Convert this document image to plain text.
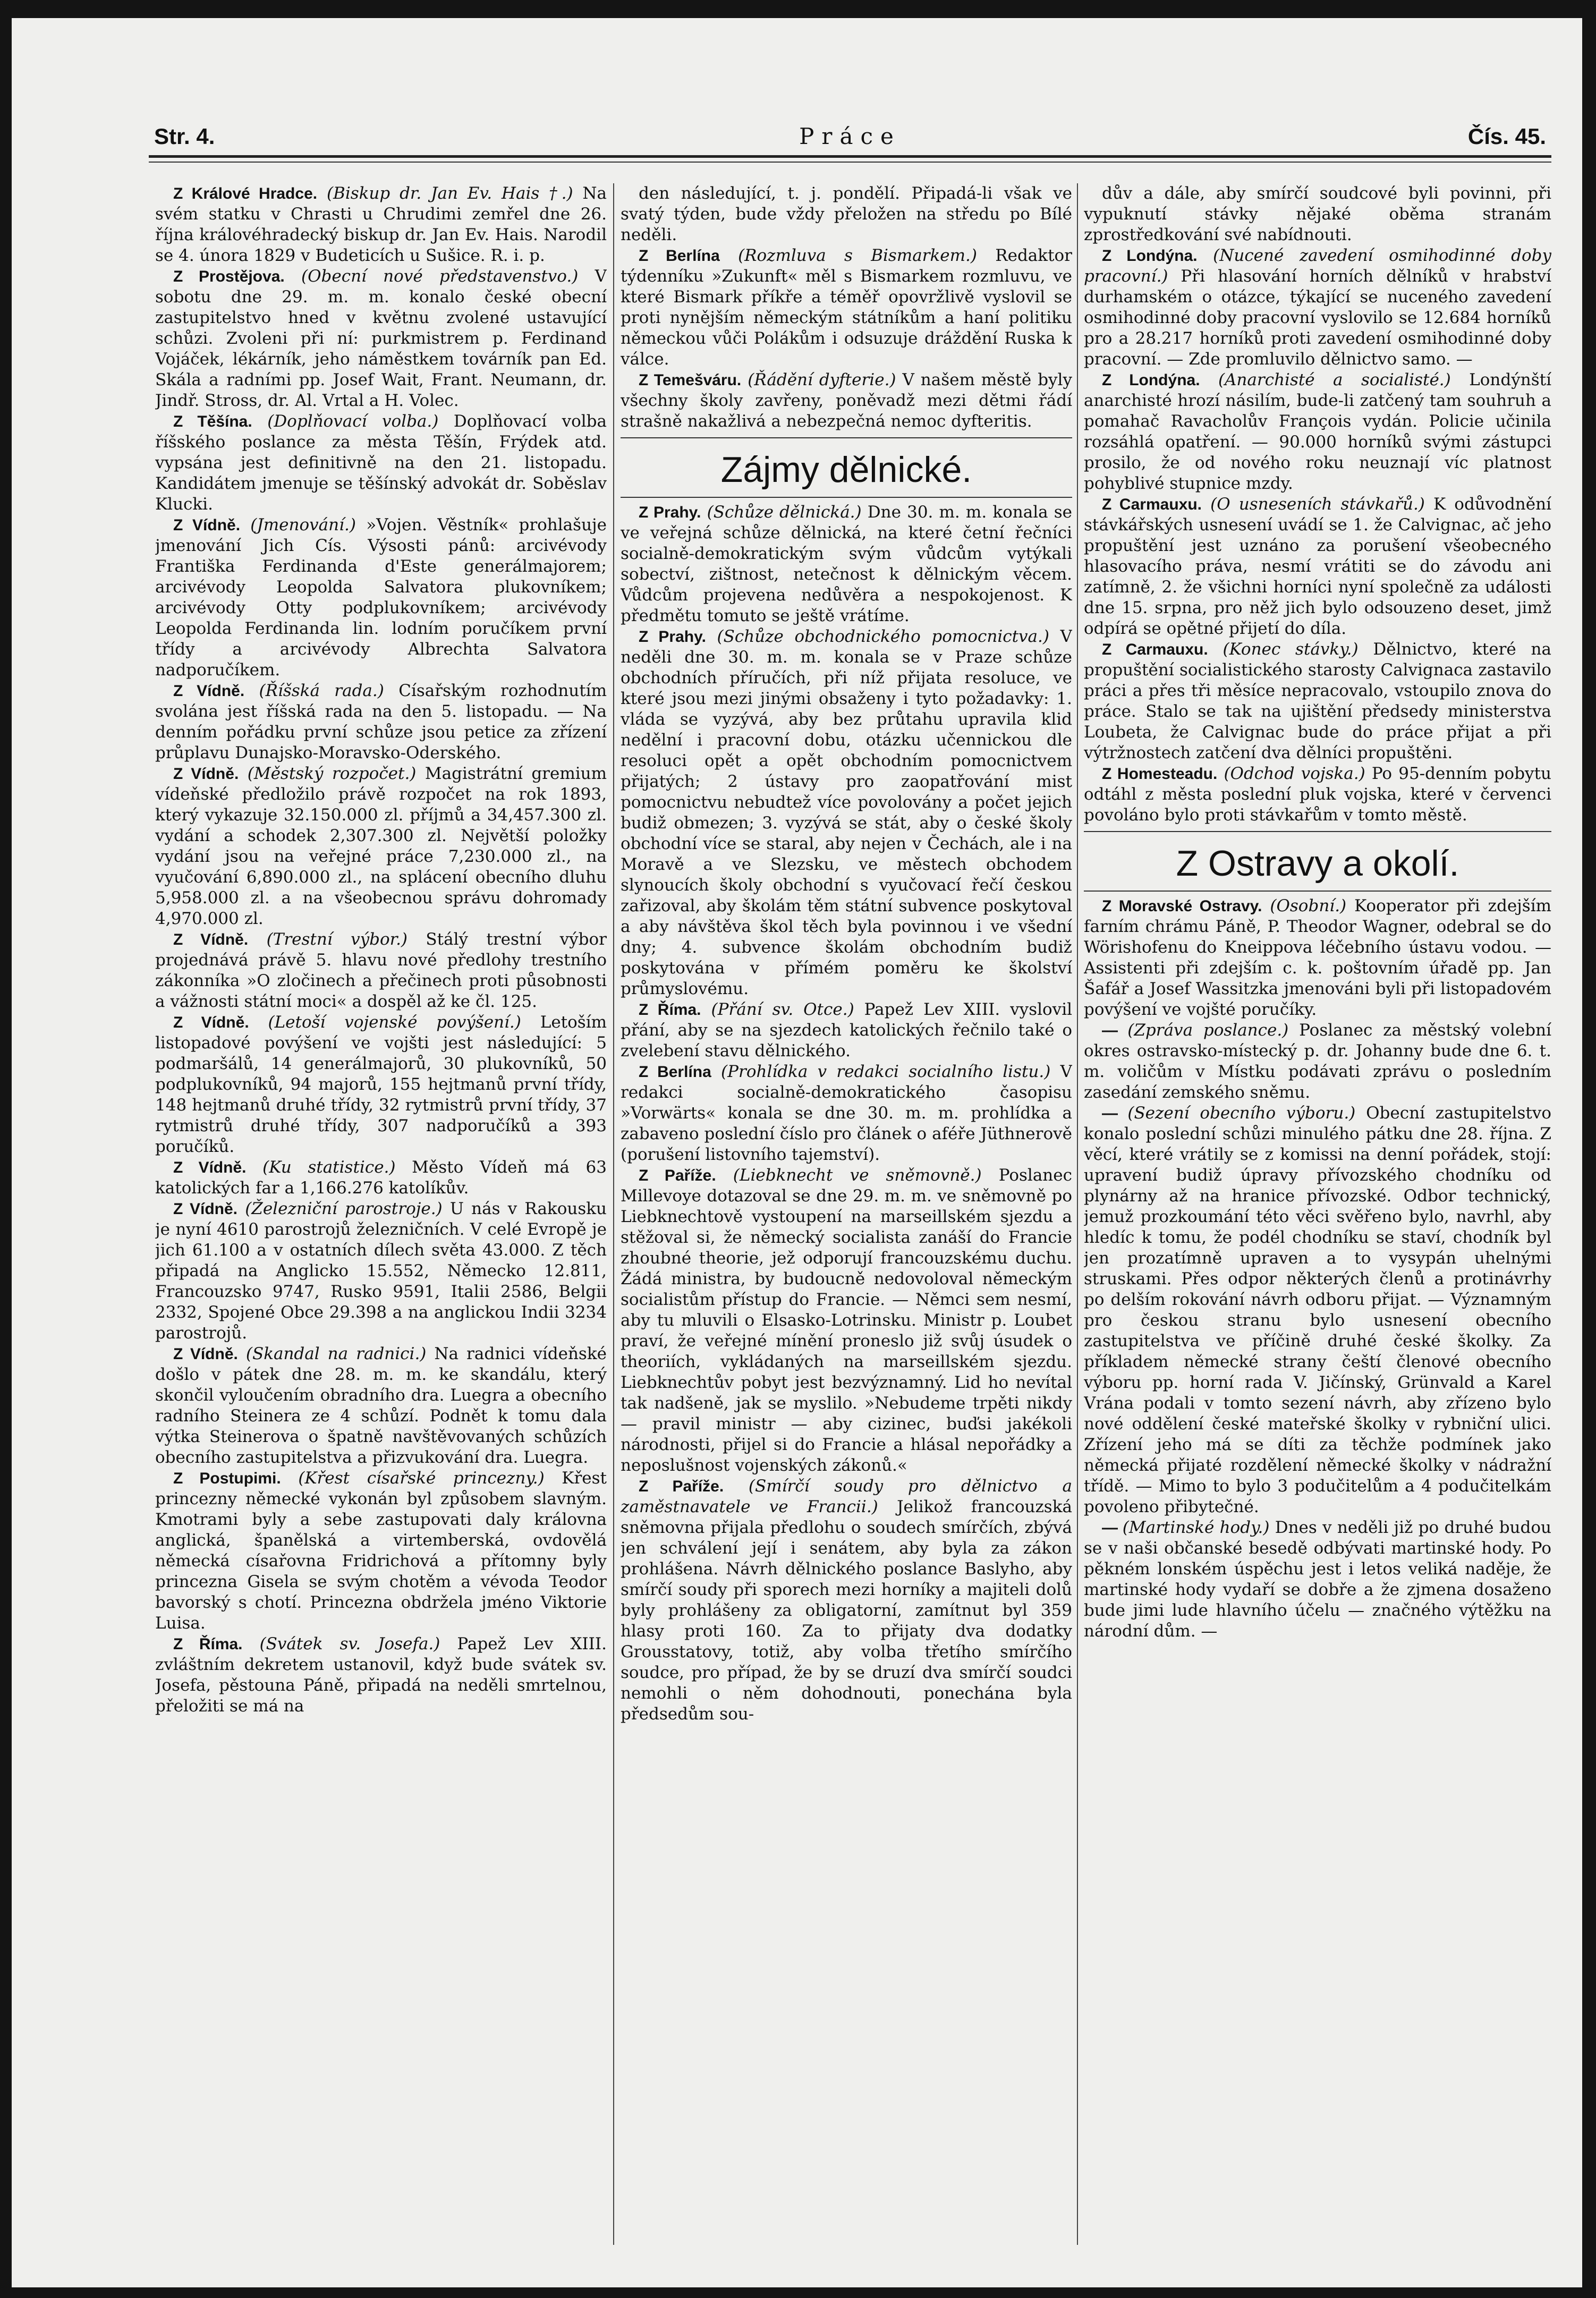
Str. 4.	Práce	Čís. 45.

Z Králové Hradce. (Biskup dr. Jan Ev. Hais †.) Na svém statku v Chrasti u Chrudimi zemřel dne 26. října královéhradecký biskup dr. Jan Ev. Hais. Narodil se 4. února 1829 v Budeticích u Sušice. R. i. p.

Z Prostějova. (Obecní nové představenstvo.) V sobotu dne 29. m. m. konalo české obecní zastupitelstvo hned v květnu zvolené ustavující schůzi. Zvoleni při ní: purkmistrem p. Ferdinand Vojáček, lékárník, jeho náměstkem továrník pan Ed. Skála a radními pp. Josef Wait, Frant. Neumann, dr. Jindř. Stross, dr. Al. Vrtal a H. Volec.

Z Těšína. (Doplňovací volba.) Doplňovací volba říšského poslance za města Těšín, Frýdek atd. vypsána jest definitivně na den 21. listopadu. Kandidátem jmenuje se těšínský advokát dr. Soběslav Klucki.

Z Vídně. (Jmenování.) »Vojen. Věstník« prohlašuje jmenování Jich Cís. Výsosti pánů: arcivévody Františka Ferdinanda d'Este generálmajorem; arcivévody Leopolda Salvatora plukovníkem; arcivévody Otty podplukovníkem; arcivévody Leopolda Ferdinanda lin. lodním poručíkem první třídy a arcivévody Albrechta Salvatora nadporučíkem.

Z Vídně. (Říšská rada.) Císařským rozhodnutím svolána jest říšská rada na den 5. listopadu. — Na denním pořádku první schůze jsou petice za zřízení průplavu Dunajsko-Moravsko-Oderského.

Z Vídně. (Městský rozpočet.) Magistrátní gremium vídeňské předložilo právě rozpočet na rok 1893, který vykazuje 32.150.000 zl. příjmů a 34,457.300 zl. vydání a schodek 2,307.300 zl. Největší položky vydání jsou na veřejné práce 7,230.000 zl., na vyučování 6,890.000 zl., na splácení obecního dluhu 5,958.000 zl. a na všeobecnou správu dohromady 4,970.000 zl.

Z Vídně. (Trestní výbor.) Stálý trestní výbor projednává právě 5. hlavu nové předlohy trestního zákonníka »O zločinech a přečinech proti působnosti a vážnosti státní moci« a dospěl až ke čl. 125.

Z Vídně. (Letoší vojenské povýšení.) Letoším listopadové povýšení ve vojšti jest následující: 5 podmaršálů, 14 generálmajorů, 30 plukovníků, 50 podplukovníků, 94 majorů, 155 hejtmanů první třídy, 148 hejtmanů druhé třídy, 32 rytmistrů první třídy, 37 rytmistrů druhé třídy, 307 nadporučíků a 393 poručíků.

Z Vídně. (Ku statistice.) Město Vídeň má 63 katolických far a 1,166.276 katolíkův.

Z Vídně. (Železniční parostroje.) U nás v Rakousku je nyní 4610 parostrojů železničních. V celé Evropě je jich 61.100 a v ostatních dílech světa 43.000. Z těch připadá na Anglicko 15.552, Německo 12.811, Francouzsko 9747, Rusko 9591, Italii 2586, Belgii 2332, Spojené Obce 29.398 a na anglickou Indii 3234 parostrojů.

Z Vídně. (Skandal na radnici.) Na radnici vídeňské došlo v pátek dne 28. m. m. ke skandálu, který skončil vyloučením obradního dra. Luegra a obecního radního Steinera ze 4 schůzí. Podnět k tomu dala výtka Steinerova o špatně navštěvovaných schůzích obecního zastupitelstva a přizvukování dra. Luegra.

Z Postupimi. (Křest císařské princezny.) Křest princezny německé vykonán byl způsobem slavným. Kmotrami byly a sebe zastupovati daly královna anglická, španělská a virtemberská, ovdovělá německá císařovna Fridrichová a přítomny byly princezna Gisela se svým chotěm a vévoda Teodor bavorský s chotí. Princezna obdržela jméno Viktorie Luisa.

Z Říma. (Svátek sv. Josefa.) Papež Lev XIII. zvláštním dekretem ustanovil, když bude svátek sv. Josefa, pěstouna Páně, připadá na neděli smrtelnou, přeložiti se má na

den následující, t. j. pondělí. Připadá-li však ve svatý týden, bude vždy přeložen na středu po Bílé neděli.

Z Berlína (Rozmluva s Bismarkem.) Redaktor týdenníku »Zukunft« měl s Bismarkem rozmluvu, ve které Bismark příkře a téměř opovržlivě vyslovil se proti nynějším německým státníkům a haní politiku německou vůči Polákům i odsuzuje dráždění Ruska k válce.

Z Temešváru. (Řádění dyfterie.) V našem městě byly všechny školy zavřeny, poněvadž mezi dětmi řádí strašně nakažlivá a nebezpečná nemoc dyfteritis.

Zájmy dělnické.

Z Prahy. (Schůze dělnická.) Dne 30. m. m. konala se ve veřejná schůze dělnická, na které četní řečníci socialně-demokratickým svým vůdcům vytýkali sobectví, zištnost, netečnost k dělnickým věcem. Vůdcům projevena nedůvěra a nespokojenost. K předmětu tomuto se ještě vrátíme.

Z Prahy. (Schůze obchodnického pomocnictva.) V neděli dne 30. m. m. konala se v Praze schůze obchodních příručích, při níž přijata resoluce, ve které jsou mezi jinými obsaženy i tyto požadavky: 1. vláda se vyzývá, aby bez průtahu upravila klid nedělní i pracovní dobu, otázku učennickou dle resoluci opět a opět obchodním pomocnictvem přijatých; 2 ústavy pro zaopatřování mist pomocnictvu nebudtež více povolovány a počet jejich budiž obmezen; 3. vyzývá se stát, aby o české školy obchodní více se staral, aby nejen v Čechách, ale i na Moravě a ve Slezsku, ve městech obchodem slynoucích školy obchodní s vyučovací řečí českou zařizoval, aby školám těm státní subvence poskytoval a aby návštěva škol těch byla povinnou i ve všední dny; 4. subvence školám obchodním budiž poskytována v přímém poměru ke školství průmyslovému.

Z Říma. (Přání sv. Otce.) Papež Lev XIII. vyslovil přání, aby se na sjezdech katolických řečnilo také o zvelebení stavu dělnického.

Z Berlína (Prohlídka v redakci socialního listu.) V redakci socialně-demokratického časopisu »Vorwärts« konala se dne 30. m. m. prohlídka a zabaveno poslední číslo pro článek o aféře Jüthnerově (porušení listovního tajemství).

Z Paříže. (Liebknecht ve sněmovně.) Poslanec Millevoye dotazoval se dne 29. m. m. ve sněmovně po Liebknechtově vystoupení na marseillském sjezdu a stěžoval si, že německý socialista zanáší do Francie zhoubné theorie, jež odporují francouzskému duchu. Žádá ministra, by budoucně nedovoloval německým socialistům přístup do Francie. — Němci sem nesmí, aby tu mluvili o Elsasko-Lotrinsku. Ministr p. Loubet praví, že veřejné mínění proneslo již svůj úsudek o theoriích, vykládaných na marseillském sjezdu. Liebknechtův pobyt jest bezvýznamný. Lid ho nevítal tak nadšeně, jak se myslilo. »Nebudeme trpěti nikdy — pravil ministr — aby cizinec, buďsi jakékoli národnosti, přijel si do Francie a hlásal nepořádky a neposlušnost vojenských zákonů.«

Z Paříže. (Smírčí soudy pro dělnictvo a zaměstnavatele ve Francii.) Jelikož francouzská sněmovna přijala předlohu o soudech smírčích, zbývá jen schválení její i senátem, aby byla za zákon prohlášena. Návrh dělnického poslance Baslyho, aby smírčí soudy při sporech mezi horníky a majiteli dolů byly prohlášeny za obligatorní, zamítnut byl 359 hlasy proti 160. Za to přijaty dva dodatky Grousstatovy, totiž, aby volba třetího smírčího soudce, pro případ, že by se druzí dva smírčí soudci nemohli o něm dohodnouti, ponechána byla předsedům sou-

dův a dále, aby smírčí soudcové byli povinni, při vypuknutí stávky nějaké oběma stranám zprostředkování své nabídnouti.

Z Londýna. (Nucené zavedení osmihodinné doby pracovní.) Při hlasování horních dělníků v hrabství durhamském o otázce, týkající se nuceného zavedení osmihodinné doby pracovní vyslovilo se 12.684 horníků pro a 28.217 horníků proti zavedení osmihodinné doby pracovní. — Zde promluvilo dělnictvo samo. —

Z Londýna. (Anarchisté a socialisté.) Londýnští anarchisté hrozí násilím, bude-li zatčený tam souhruh a pomahač Ravacholův François vydán. Policie učinila rozsáhlá opatření. — 90.000 horníků svými zástupci prosilo, že od nového roku neuznají víc platnost pohyblivé stupnice mzdy.

Z Carmauxu. (O usneseních stávkařů.) K odůvodnění stávkářských usnesení uvádí se 1. že Calvignac, ač jeho propuštění jest uznáno za porušení všeobecného hlasovacího práva, nesmí vrátiti se do závodu ani zatímně, 2. že všichni horníci nyní společně za události dne 15. srpna, pro něž jich bylo odsouzeno deset, jimž odpírá se opětné přijetí do díla.

Z Carmauxu. (Konec stávky.) Dělnictvo, které na propuštění socialistického starosty Calvignaca zastavilo práci a přes tři měsíce nepracovalo, vstoupilo znova do práce. Stalo se tak na ujištění předsedy ministerstva Loubeta, že Calvignac bude do práce přijat a při výtržnostech zatčení dva dělníci propuštěni.

Z Homesteadu. (Odchod vojska.) Po 95-denním pobytu odtáhl z města poslední pluk vojska, které v červenci povoláno bylo proti stávkařům v tomto městě.

Z Ostravy a okolí.

Z Moravské Ostravy. (Osobní.) Kooperator při zdejším farním chrámu Páně, P. Theodor Wagner, odebral se do Wörishofenu do Kneippova léčebního ústavu vodou. — Assistenti při zdejším c. k. poštovním úřadě pp. Jan Šafář a Josef Wassitzka jmenováni byli při listopadovém povýšení ve vojšté poručíky.

— (Zpráva poslance.) Poslanec za městský volební okres ostravsko-místecký p. dr. Johanny bude dne 6. t. m. voličům v Místku podávati zprávu o posledním zasedání zemského sněmu.

— (Sezení obecního výboru.) Obecní zastupitelstvo konalo poslední schůzi minulého pátku dne 28. října. Z věcí, které vrátily se z komissi na denní pořádek, stojí: upravení budiž úpravy přívozského chodníku od plynárny až na hranice přívozské. Odbor technický, jemuž prozkoumání této věci svěřeno bylo, navrhl, aby hledíc k tomu, že podél chodníku se staví, chodník byl jen prozatímně upraven a to vysypán uhelnými struskami. Přes odpor některých členů a protinávrhy po delším rokování návrh odboru přijat. — Významným pro českou stranu bylo usnesení obecního zastupitelstva ve příčině druhé české školky. Za příkladem německé strany čeští členové obecního výboru pp. horní rada V. Jičínský, Grünvald a Karel Vrána podali v tomto sezení návrh, aby zřízeno bylo nové oddělení české mateřské školky v rybniční ulici. Zřízení jeho má se díti za těchže podmínek jako německá přijaté rozdělení německé školky v nádražní třídě. — Mimo to bylo 3 podučitelům a 4 podučitelkám povoleno přibytečné.

— (Martinské hody.) Dnes v neděli již po druhé budou se v naši občanské besedě odbývati martinské hody. Po pěkném lonském úspěchu jest i letos veliká naděje, že martinské hody vydaří se dobře a že zjmena dosaženo bude jimi lude hlavního účelu — značného výtěžku na národní dům. —
